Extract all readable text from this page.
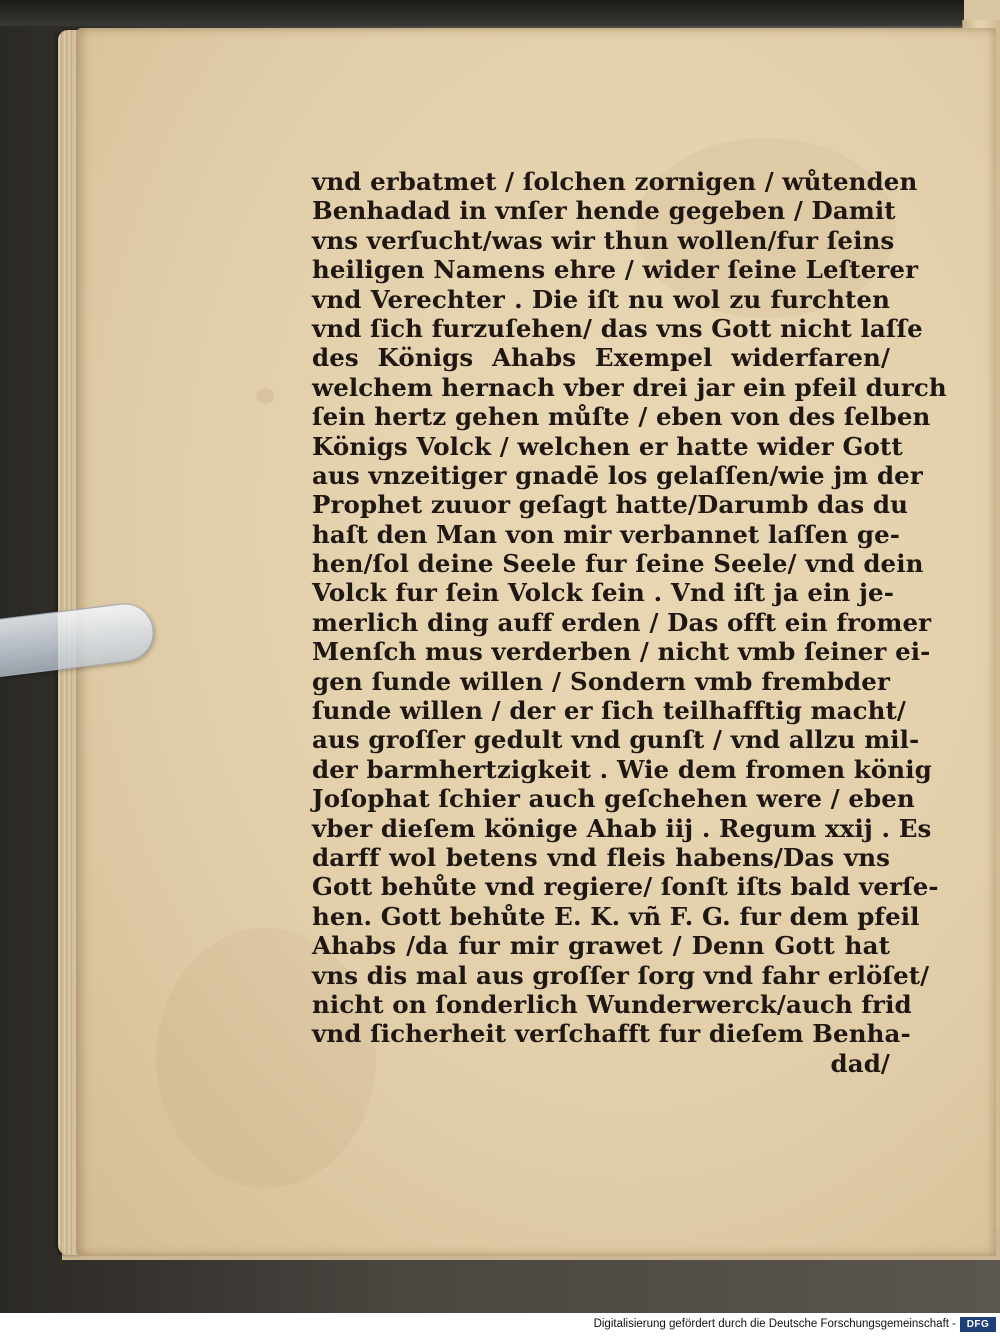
vnd erbatmet / ſolchen zornigen / wůtenden
Benhadad in vnſer hende gegeben / Damit
vns verſucht/was wir thun wollen/fur ſeins
heiligen Namens ehre / wider ſeine Leſterer
vnd Verechter . Die iſt nu wol zu furchten
vnd ſich furzuſehen/ das vns Gott nicht laſſe
des Königs Ahabs Exempel widerfaren/
welchem hernach vber drei jar ein pfeil durch
ſein hertz gehen můſte / eben von des ſelben
Königs Volck / welchen er hatte wider Gott
aus vnzeitiger gnadē los gelaſſen/wie jm der
Prophet zuuor geſagt hatte/Darumb das du
haſt den Man von mir verbannet laſſen ge-
hen/ſol deine Seele fur ſeine Seele/ vnd dein
Volck fur ſein Volck ſein . Vnd iſt ja ein je-
merlich ding auff erden / Das offt ein fromer
Menſch mus verderben / nicht vmb ſeiner ei-
gen ſunde willen / Sondern vmb frembder
ſunde willen / der er ſich teilhafftig macht/
aus groſſer gedult vnd gunſt / vnd allzu mil-
der barmhertzigkeit . Wie dem fromen könig
Joſophat ſchier auch geſchehen were / eben
vber dieſem könige Ahab iij . Regum xxij . Es
darff wol betens vnd fleis habens/Das vns
Gott behůte vnd regiere/ ſonſt iſts bald verſe-
hen. Gott behůte E. K. vñ F. G. fur dem pfeil
Ahabs /da fur mir grawet / Denn Gott hat
vns dis mal aus groſſer ſorg vnd fahr erlöſet/
nicht on ſonderlich Wunderwerck/auch frid
vnd ſicherheit verſchafft fur dieſem Benha-
dad/
Digitalisierung gefördert durch die Deutsche Forschungsgemeinschaft -	DFG
